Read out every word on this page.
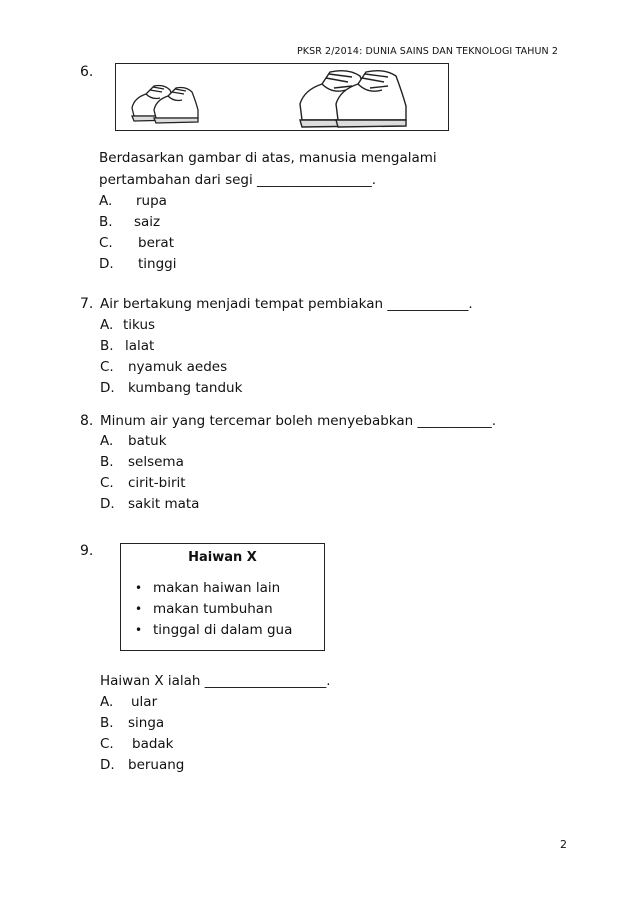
PKSR 2/2014: DUNIA SAINS DAN TEKNOLOGI TAHUN 2
6.
Berdasarkan gambar di atas, manusia mengalami
pertambahan dari segi _________________.
A. rupa
B. saiz
C. berat
D. tinggi
7. Air bertakung menjadi tempat pembiakan ____________.
A. tikus
B. lalat
C. nyamuk aedes
D. kumbang tanduk
8. Minum air yang tercemar boleh menyebabkan ___________.
A. batuk
B. selsema
C. cirit-birit
D. sakit mata
9.	Haiwan X
• makan haiwan lain
• makan tumbuhan
• tinggal di dalam gua
Haiwan X ialah __________________.
A. ular
B. singa
C. badak
D. beruang
2
